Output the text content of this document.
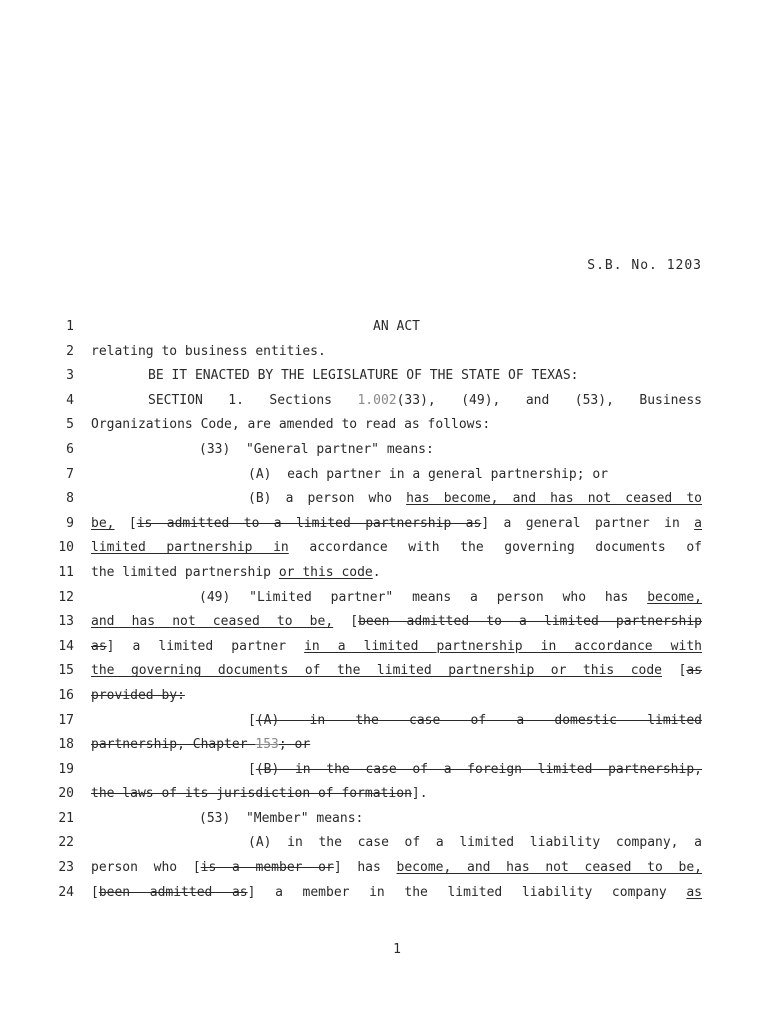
S.B. No. 1203
1	AN ACT
2 relating to business entities.
3	BE IT ENACTED BY THE LEGISLATURE OF THE STATE OF TEXAS:
4	SECTION 1. Sections 1.002(33), (49), and (53), Business
5 Organizations Code, are amended to read as follows:
6	(33)  "General partner" means:
7	(A)  each partner in a general partnership; or
8	(B) a person who has become, and has not ceased to
9 be, [is admitted to a limited partnership as] a general partner in a
10 limited partnership in accordance with the governing documents of
11 the limited partnership or this code.
12	(49) "Limited partner" means a person who has become,
13 and has not ceased to be, [been admitted to a limited partnership
14 as] a limited partner in a limited partnership in accordance with
15 the governing documents of the limited partnership or this code [as
16 provided by:
17	[(A) in the case of a domestic limited
18 partnership, Chapter 153; or
19	[(B) in the case of a foreign limited partnership,
20 the laws of its jurisdiction of formation].
21	(53)  "Member" means:
22	(A) in the case of a limited liability company, a
23 person who [is a member or] has become, and has not ceased to be,
24 [been admitted as] a member in the limited liability company as
1
